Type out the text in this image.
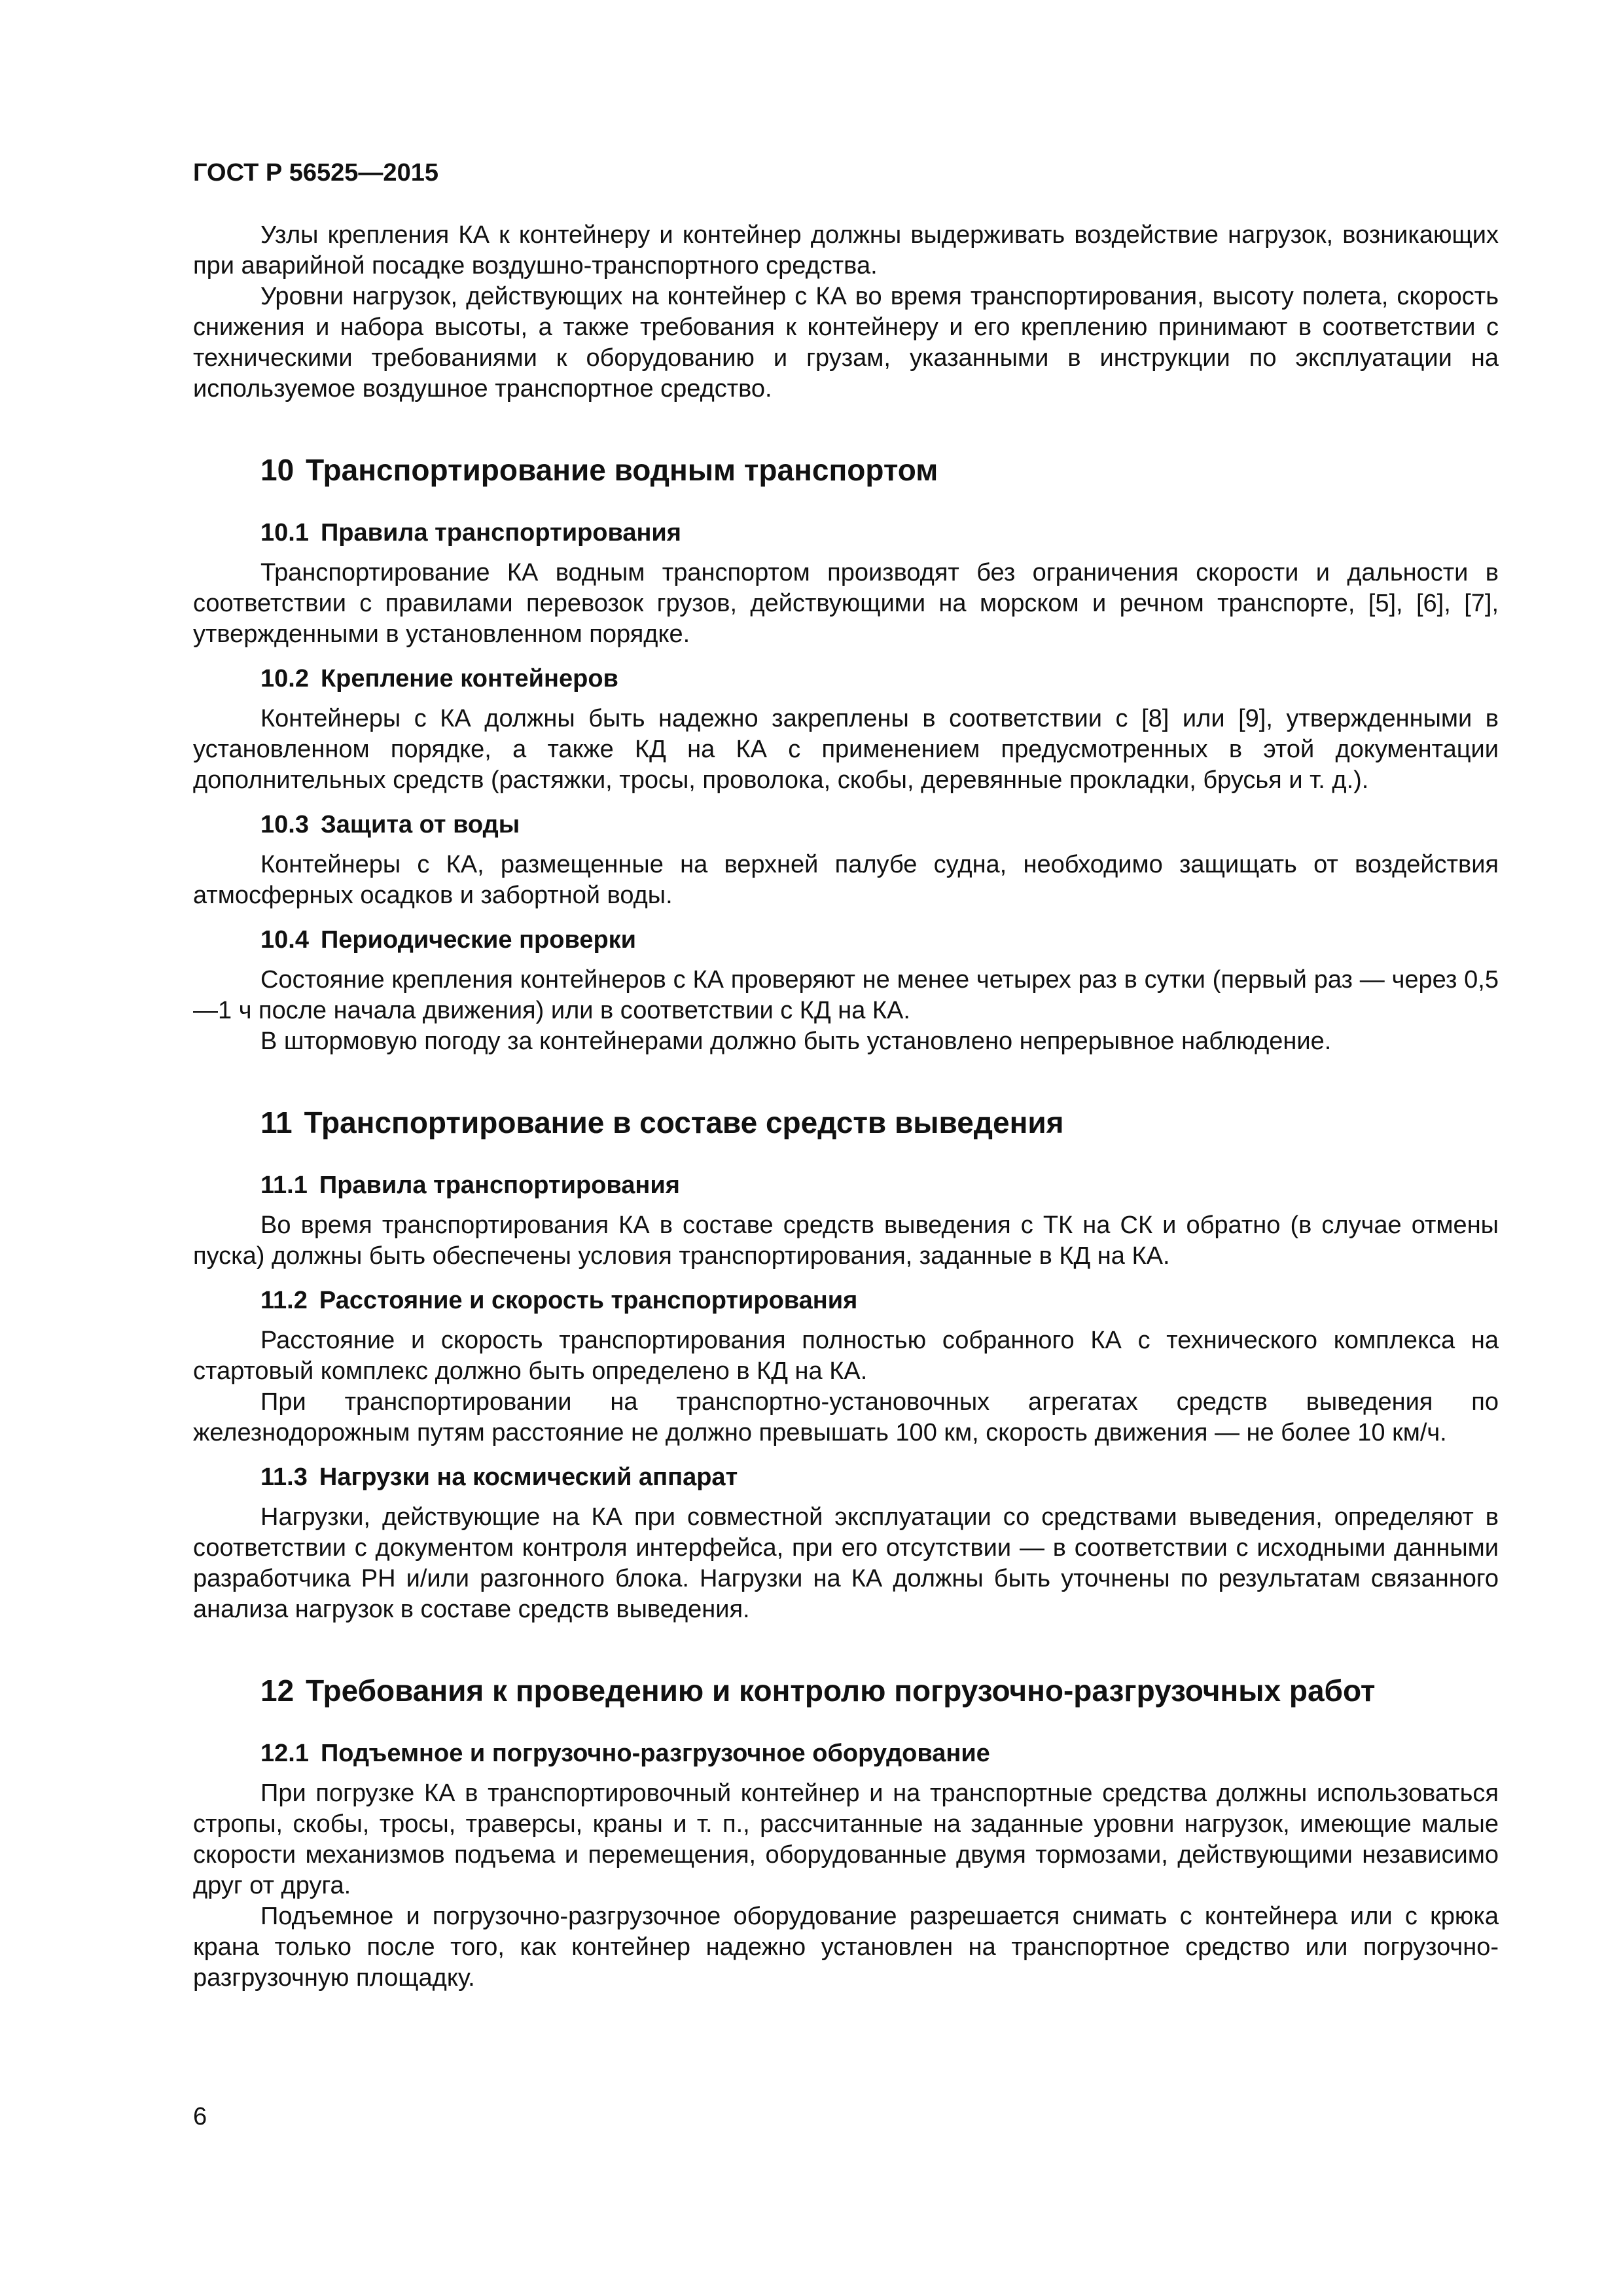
ГОСТ Р 56525—2015

Узлы крепления КА к контейнеру и контейнер должны выдерживать воздействие нагрузок, возникающих при аварийной посадке воздушно-транспортного средства.

Уровни нагрузок, действующих на контейнер с КА во время транспортирования, высоту полета, скорость снижения и набора высоты, а также требования к контейнеру и его креплению принимают в соответствии с техническими требованиями к оборудованию и грузам, указанными в инструкции по эксплуатации на используемое воздушное транспортное средство.

10 Транспортирование водным транспортом
10.1 Правила транспортирования

Транспортирование КА водным транспортом производят без ограничения скорости и дальности в соответствии с правилами перевозок грузов, действующими на морском и речном транспорте, [5], [6], [7], утвержденными в установленном порядке.

10.2 Крепление контейнеров

Контейнеры с КА должны быть надежно закреплены в соответствии с [8] или [9], утвержденными в установленном порядке, а также КД на КА с применением предусмотренных в этой документации дополнительных средств (растяжки, тросы, проволока, скобы, деревянные прокладки, брусья и т. д.).

10.3 Защита от воды

Контейнеры с КА, размещенные на верхней палубе судна, необходимо защищать от воздействия атмосферных осадков и забортной воды.

10.4 Периодические проверки

Состояние крепления контейнеров с КА проверяют не менее четырех раз в сутки (первый раз — через 0,5—1 ч после начала движения) или в соответствии с КД на КА.

В штормовую погоду за контейнерами должно быть установлено непрерывное наблюдение.

11 Транспортирование в составе средств выведения
11.1 Правила транспортирования

Во время транспортирования КА в составе средств выведения с ТК на СК и обратно (в случае отмены пуска) должны быть обеспечены условия транспортирования, заданные в КД на КА.

11.2 Расстояние и скорость транспортирования

Расстояние и скорость транспортирования полностью собранного КА с технического комплекса на стартовый комплекс должно быть определено в КД на КА.

При транспортировании на транспортно-установочных агрегатах средств выведения по железнодорожным путям расстояние не должно превышать 100 км, скорость движения — не более 10 км/ч.

11.3 Нагрузки на космический аппарат

Нагрузки, действующие на КА при совместной эксплуатации со средствами выведения, определяют в соответствии с документом контроля интерфейса, при его отсутствии — в соответствии с исходными данными разработчика РН и/или разгонного блока. Нагрузки на КА должны быть уточнены по результатам связанного анализа нагрузок в составе средств выведения.

12 Требования к проведению и контролю погрузочно-разгрузочных работ
12.1 Подъемное и погрузочно-разгрузочное оборудование

При погрузке КА в транспортировочный контейнер и на транспортные средства должны использоваться стропы, скобы, тросы, траверсы, краны и т. п., рассчитанные на заданные уровни нагрузок, имеющие малые скорости механизмов подъема и перемещения, оборудованные двумя тормозами, действующими независимо друг от друга.

Подъемное и погрузочно-разгрузочное оборудование разрешается снимать с контейнера или с крюка крана только после того, как контейнер надежно установлен на транспортное средство или погрузочно-разгрузочную площадку.

6
